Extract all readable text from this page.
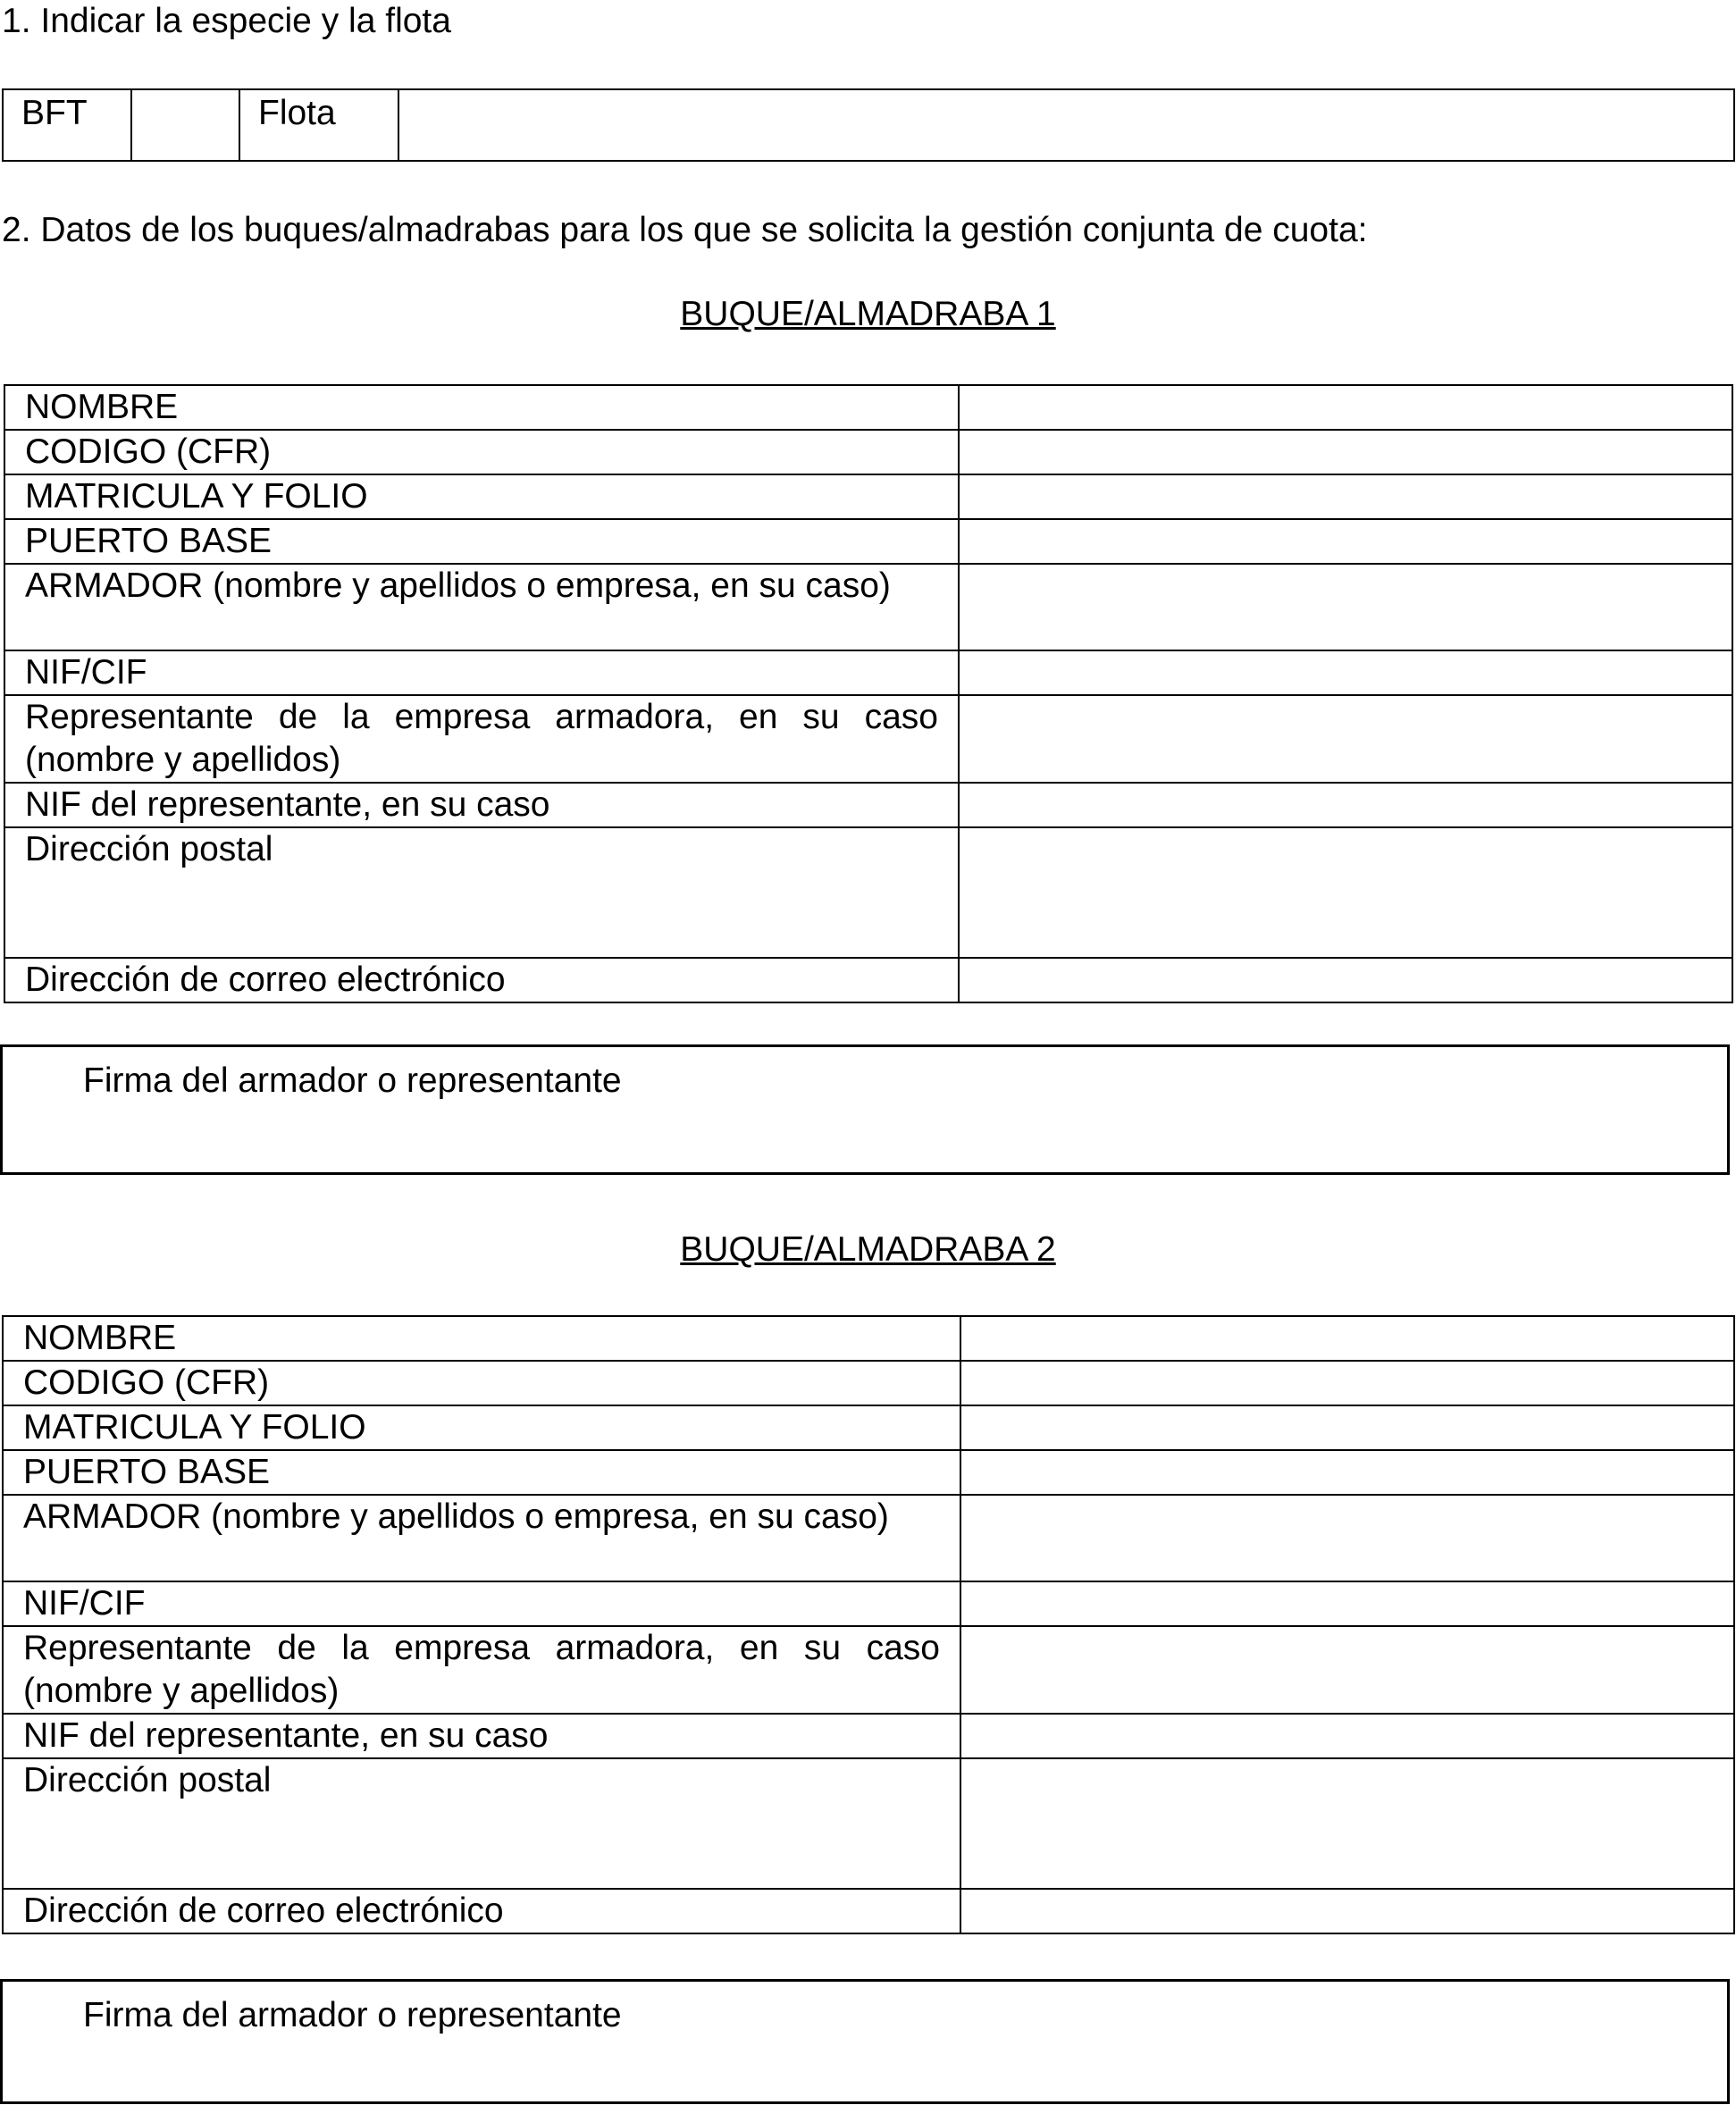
1. Indicar la especie y la flota
BFT		Flota	
2. Datos de los buques/almadrabas para los que se solicita la gestión conjunta de cuota:
BUQUE/ALMADRABA 1
NOMBRE	
CODIGO (CFR)	
MATRICULA Y FOLIO	
PUERTO BASE	
ARMADOR (nombre y apellidos o empresa, en su caso)	
NIF/CIF	
Representante de la empresa armadora, en su caso (nombre y apellidos)	
NIF del representante, en su caso	
Dirección postal	
Dirección de correo electrónico	
Firma del armador o representante
BUQUE/ALMADRABA 2
NOMBRE	
CODIGO (CFR)	
MATRICULA Y FOLIO	
PUERTO BASE	
ARMADOR (nombre y apellidos o empresa, en su caso)	
NIF/CIF	
Representante de la empresa armadora, en su caso (nombre y apellidos)	
NIF del representante, en su caso	
Dirección postal	
Dirección de correo electrónico	
Firma del armador o representante
